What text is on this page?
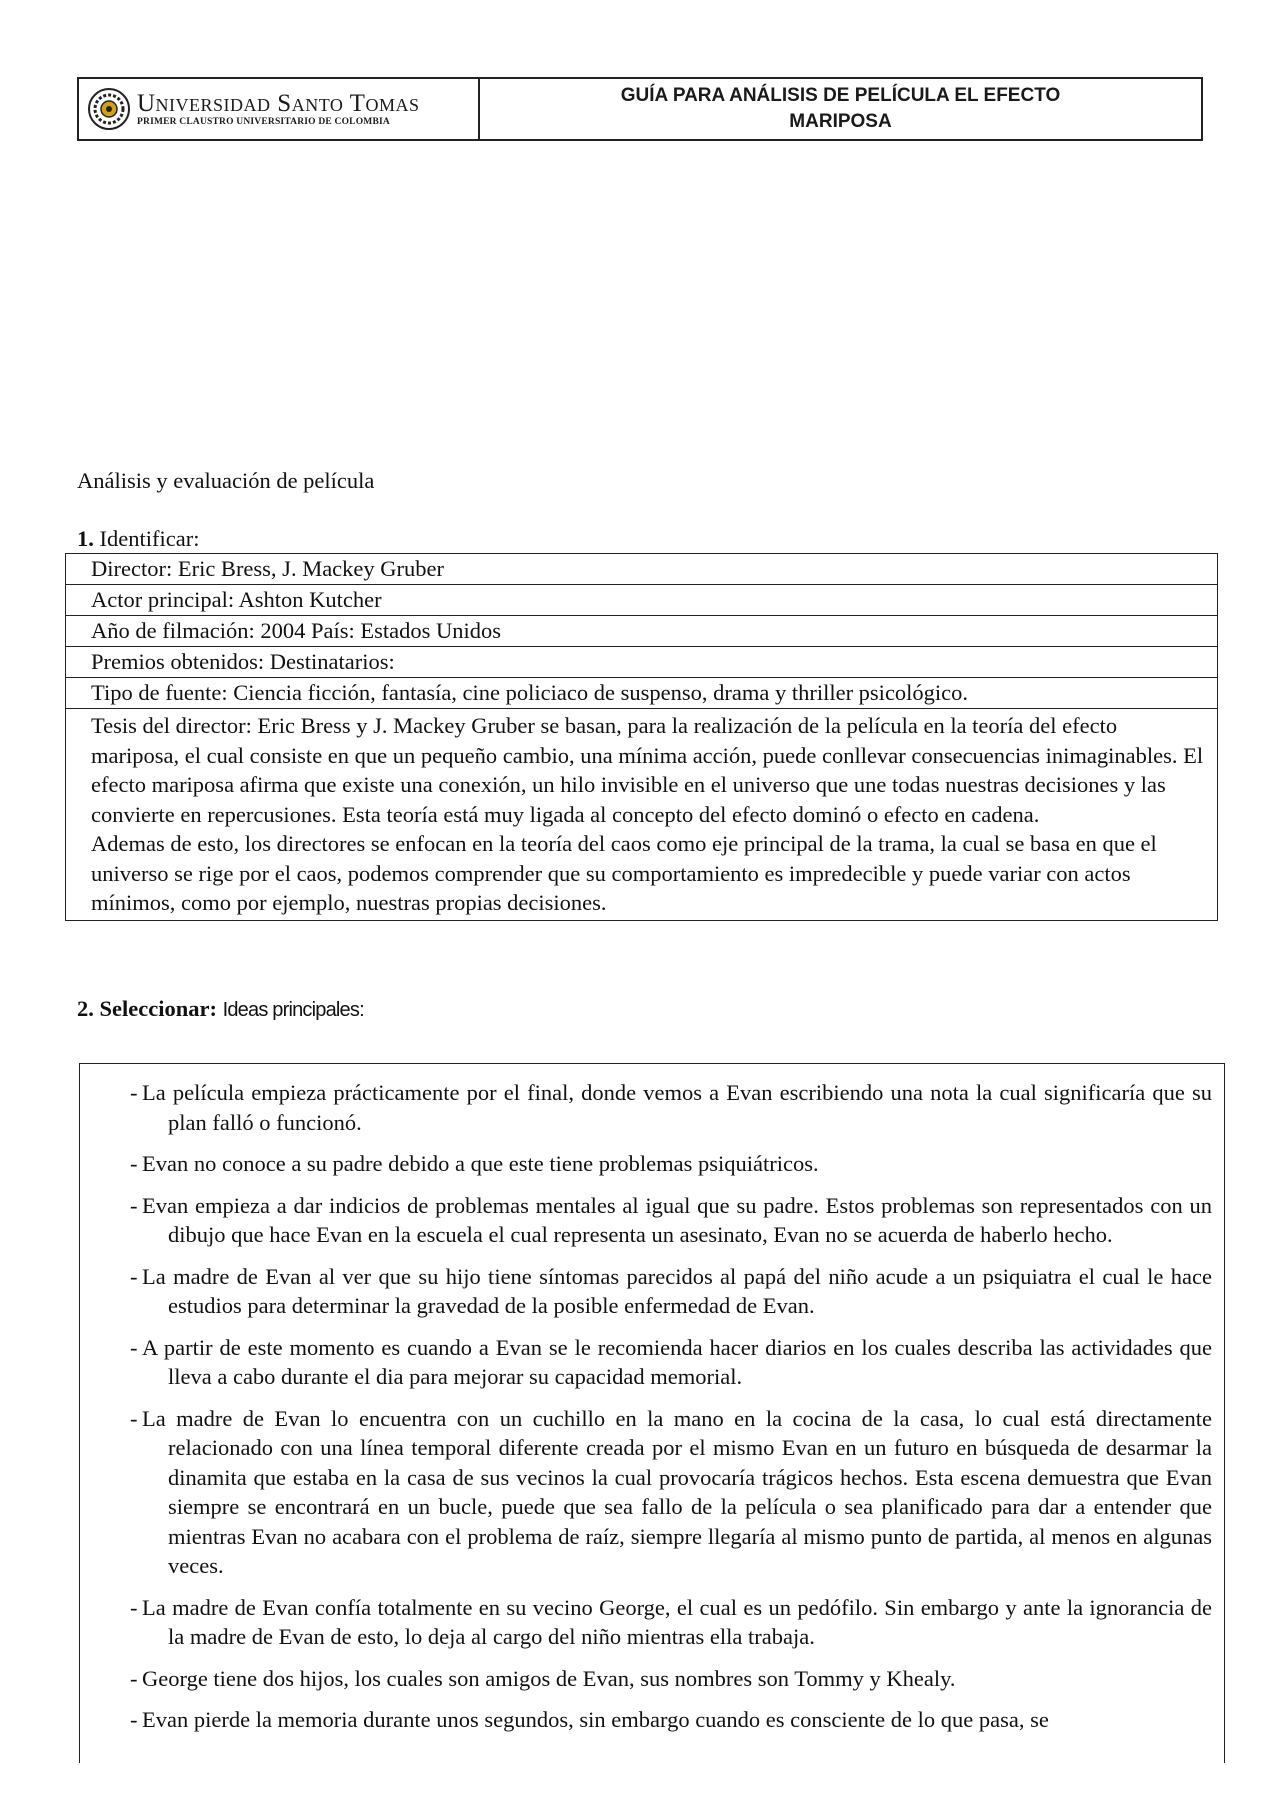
Universidad Santo Tomas
PRIMER CLAUSTRO UNIVERSITARIO DE COLOMBIA
GUÍA PARA ANÁLISIS DE PELÍCULA EL EFECTO MARIPOSA
Análisis y evaluación de película
1. Identificar:
Director: Eric Bress, J. Mackey Gruber
Actor principal: Ashton Kutcher
Año de filmación: 2004 País: Estados Unidos
Premios obtenidos: Destinatarios:
Tipo de fuente: Ciencia ficción, fantasía, cine policiaco de suspenso, drama y thriller psicológico.

Tesis del director: Eric Bress y J. Mackey Gruber se basan, para la realización de la película en la teoría del efecto mariposa, el cual consiste en que un pequeño cambio, una mínima acción, puede conllevar consecuencias inimaginables. El efecto mariposa afirma que existe una conexión, un hilo invisible en el universo que une todas nuestras decisiones y las convierte en repercusiones. Esta teoría está muy ligada al concepto del efecto dominó o efecto en cadena.

Ademas de esto, los directores se enfocan en la teoría del caos como eje principal de la trama, la cual se basa en que el universo se rige por el caos, podemos comprender que su comportamiento es impredecible y puede variar con actos mínimos, como por ejemplo, nuestras propias decisiones.

2. Seleccionar: Ideas principales:
- La película empieza prácticamente por el final, donde vemos a Evan escribiendo una nota la cual significaría que su plan falló o funcionó.
- Evan no conoce a su padre debido a que este tiene problemas psiquiátricos.
- Evan empieza a dar indicios de problemas mentales al igual que su padre. Estos problemas son representados con un dibujo que hace Evan en la escuela el cual representa un asesinato, Evan no se acuerda de haberlo hecho.
- La madre de Evan al ver que su hijo tiene síntomas parecidos al papá del niño acude a un psiquiatra el cual le hace estudios para determinar la gravedad de la posible enfermedad de Evan.
- A partir de este momento es cuando a Evan se le recomienda hacer diarios en los cuales describa las actividades que lleva a cabo durante el dia para mejorar su capacidad memorial.
- La madre de Evan lo encuentra con un cuchillo en la mano en la cocina de la casa, lo cual está directamente relacionado con una línea temporal diferente creada por el mismo Evan en un futuro en búsqueda de desarmar la dinamita que estaba en la casa de sus vecinos la cual provocaría trágicos hechos. Esta escena demuestra que Evan siempre se encontrará en un bucle, puede que sea fallo de la película o sea planificado para dar a entender que mientras Evan no acabara con el problema de raíz, siempre llegaría al mismo punto de partida, al menos en algunas veces.
- La madre de Evan confía totalmente en su vecino George, el cual es un pedófilo. Sin embargo y ante la ignorancia de la madre de Evan de esto, lo deja al cargo del niño mientras ella trabaja.
- George tiene dos hijos, los cuales son amigos de Evan, sus nombres son Tommy y Khealy.
- Evan pierde la memoria durante unos segundos, sin embargo cuando es consciente de lo que pasa, se
